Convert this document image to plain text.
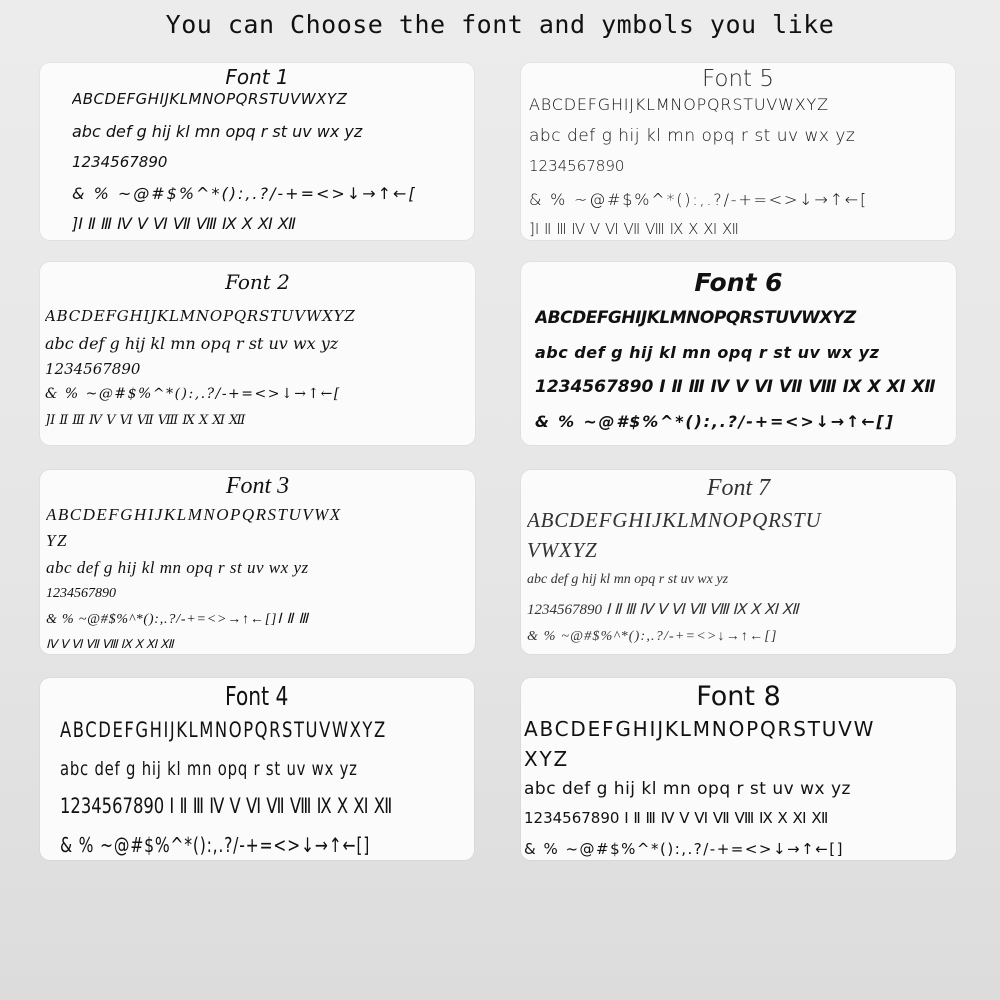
You can Choose the font and ymbols you like
Font 1
ABCDEFGHIJKLMNOPQRSTUVWXYZ
abc def g hij kl mn opq r st uv wx yz
1234567890
& % ~@#$%^*():,.?/-+=<>↓→↑←[
]Ⅰ Ⅱ Ⅲ Ⅳ Ⅴ Ⅵ Ⅶ Ⅷ Ⅸ Ⅹ Ⅺ Ⅻ
Font 2
ABCDEFGHIJKLMNOPQRSTUVWXYZ
abc def g hij kl mn opq r st uv wx yz
1234567890
& % ~@#$%^*():,.?/-+=<>↓→↑←[
]Ⅰ Ⅱ Ⅲ Ⅳ Ⅴ Ⅵ Ⅶ Ⅷ Ⅸ Ⅹ Ⅺ Ⅻ
Font 3
ABCDEFGHIJKLMNOPQRSTUVWX
YZ
abc def g hij kl mn opq r st uv wx yz
1234567890
& % ~@#$%^*():,.?/-+=<>→↑←[]Ⅰ Ⅱ Ⅲ
Ⅳ Ⅴ Ⅵ Ⅶ Ⅷ Ⅸ Ⅹ Ⅺ Ⅻ
Font 4
ABCDEFGHIJKLMNOPQRSTUVWXYZ
abc def g hij kl mn opq r st uv wx yz
1234567890 Ⅰ Ⅱ Ⅲ Ⅳ Ⅴ Ⅵ Ⅶ Ⅷ Ⅸ Ⅹ Ⅺ Ⅻ
& % ~@#$%^*():,.?/-+=<>↓→↑←[]
Font 5
ABCDEFGHIJKLMNOPQRSTUVWXYZ
abc def g hij kl mn opq r st uv wx yz
1234567890
& % ~@#$%^*():,.?/-+=<>↓→↑←[
]Ⅰ Ⅱ Ⅲ Ⅳ Ⅴ Ⅵ Ⅶ Ⅷ Ⅸ Ⅹ Ⅺ Ⅻ
Font 6
ABCDEFGHIJKLMNOPQRSTUVWXYZ
abc def g hij kl mn opq r st uv wx yz
1234567890 Ⅰ Ⅱ Ⅲ Ⅳ Ⅴ Ⅵ Ⅶ Ⅷ Ⅸ Ⅹ Ⅺ Ⅻ
& % ~@#$%^*():,.?/-+=<>↓→↑←[]
Font 7
ABCDEFGHIJKLMNOPQRSTU
VWXYZ
abc def g hij kl mn opq r st uv wx yz
1234567890 Ⅰ Ⅱ Ⅲ Ⅳ Ⅴ Ⅵ Ⅶ Ⅷ Ⅸ Ⅹ Ⅺ Ⅻ
& % ~@#$%^*():,.?/-+=<>↓→↑←[]
Font 8
ABCDEFGHIJKLMNOPQRSTUVW
XYZ
abc def g hij kl mn opq r st uv wx yz
1234567890 Ⅰ Ⅱ Ⅲ Ⅳ Ⅴ Ⅵ Ⅶ Ⅷ Ⅸ Ⅹ Ⅺ Ⅻ
& % ~@#$%^*():,.?/-+=<>↓→↑←[]
